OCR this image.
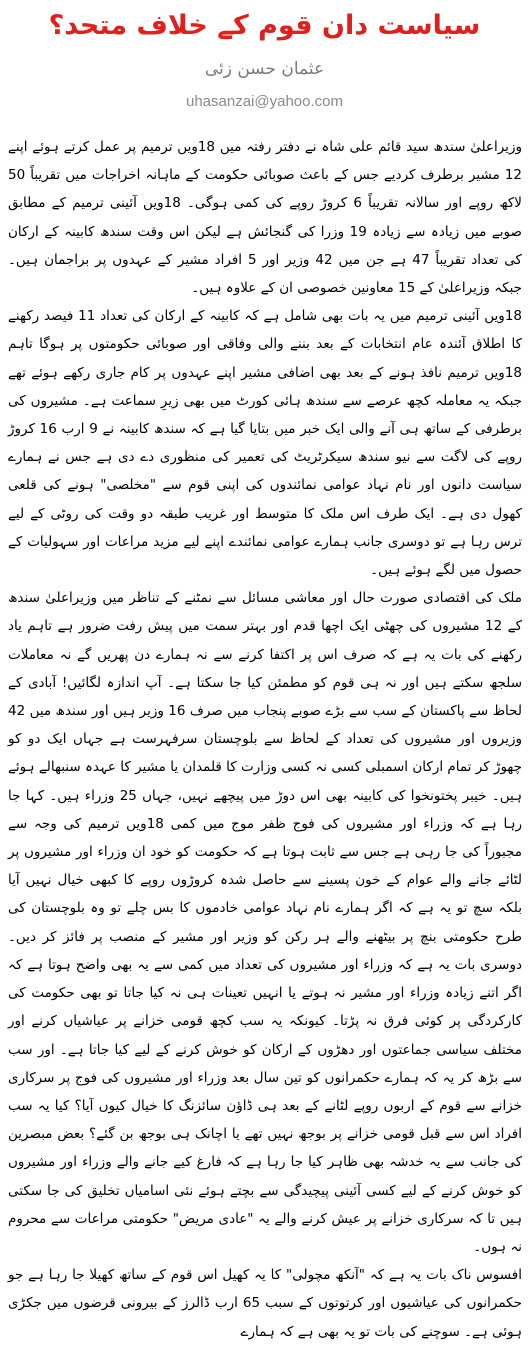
سیاست دان قوم کے خلاف متحد؟
عثمان حسن زئی
uhasanzai@yahoo.com

وزیراعلیٰ سندھ سید قائم علی شاہ نے دفتر رفتہ میں 18ویں ترمیم پر عمل کرتے ہوئے اپنے 12 مشیر برطرف کردیے جس کے باعث صوبائی حکومت کے ماہانہ اخراجات میں تقریباً 50 لاکھ روپے اور سالانہ تقریباً 6 کروڑ روپے کی کمی ہوگی۔ 18ویں آئینی ترمیم کے مطابق صوبے میں زیادہ سے زیادہ 19 وزرا کی گنجائش ہے لیکن اس وقت سندھ کابینہ کے ارکان کی تعداد تقریباً 47 ہے جن میں 42 وزیر اور 5 افراد مشیر کے عہدوں پر براجمان ہیں۔ جبکہ وزیراعلیٰ کے 15 معاونین خصوصی ان کے علاوہ ہیں۔

18ویں آئینی ترمیم میں یہ بات بھی شامل ہے کہ کابینہ کے ارکان کی تعداد 11 فیصد رکھنے کا اطلاق آئندہ عام انتخابات کے بعد بننے والی وفاقی اور صوبائی حکومتوں پر ہوگا تاہم 18ویں ترمیم نافذ ہونے کے بعد بھی اضافی مشیر اپنے عہدوں پر کام جاری رکھے ہوئے تھے جبکہ یہ معاملہ کچھ عرصے سے سندھ ہائی کورٹ میں بھی زیرِ سماعت ہے۔ مشیروں کی برطرفی کے ساتھ ہی آنے والی ایک خبر میں بتایا گیا ہے کہ سندھ کابینہ نے 9 ارب 16 کروڑ روپے کی لاگت سے نیو سندھ سیکرٹریٹ کی تعمیر کی منظوری دے دی ہے جس نے ہمارے سیاست دانوں اور نام نہاد عوامی نمائندوں کی اپنی قوم سے "مخلصی" ہونے کی قلعی کھول دی ہے۔ ایک طرف اس ملک کا متوسط اور غریب طبقہ دو وقت کی روٹی کے لیے ترس رہا ہے تو دوسری جانب ہمارے عوامی نمائندے اپنے لیے مزید مراعات اور سہولیات کے حصول میں لگے ہوئے ہیں۔

ملک کی اقتصادی صورت حال اور معاشی مسائل سے نمٹنے کے تناظر میں وزیراعلیٰ سندھ کے 12 مشیروں کی چھٹی ایک اچھا قدم اور بہتر سمت میں پیش رفت ضرور ہے تاہم یاد رکھنے کی بات یہ ہے کہ صرف اس پر اکتفا کرنے سے نہ ہمارے دن پھریں گے نہ معاملات سلجھ سکتے ہیں اور نہ ہی قوم کو مطمئن کیا جا سکتا ہے۔ آپ اندازہ لگائیں! آبادی کے لحاظ سے پاکستان کے سب سے بڑے صوبے پنجاب میں صرف 16 وزیر ہیں اور سندھ میں 42 وزیروں اور مشیروں کی تعداد کے لحاظ سے بلوچستان سرفہرست ہے جہاں ایک دو کو چھوڑ کر تمام ارکان اسمبلی کسی نہ کسی وزارت کا قلمدان یا مشیر کا عہدہ سنبھالے ہوئے ہیں۔ خیبر پختونخوا کی کابینہ بھی اس دوڑ میں پیچھے نہیں، جہاں 25 وزراء ہیں۔ کہا جا رہا ہے کہ وزراء اور مشیروں کی فوج ظفر موج میں کمی 18ویں ترمیم کی وجہ سے مجبوراً کی جا رہی ہے جس سے ثابت ہوتا ہے کہ حکومت کو خود ان وزراء اور مشیروں پر لٹائے جانے والے عوام کے خون پسینے سے حاصل شدہ کروڑوں روپے کا کبھی خیال نہیں آیا بلکہ سچ تو یہ ہے کہ اگر ہمارے نام نہاد عوامی خادموں کا بس چلے تو وہ بلوچستان کی طرح حکومتی بنچ پر بیٹھنے والے ہر رکن کو وزیر اور مشیر کے منصب پر فائز کر دیں۔ دوسری بات یہ ہے کہ وزراء اور مشیروں کی تعداد میں کمی سے یہ بھی واضح ہوتا ہے کہ اگر اتنے زیادہ وزراء اور مشیر نہ ہوتے یا انہیں تعینات ہی نہ کیا جاتا تو بھی حکومت کی کارکردگی پر کوئی فرق نہ پڑتا۔ کیونکہ یہ سب کچھ قومی خزانے پر عیاشیاں کرنے اور مختلف سیاسی جماعتوں اور دھڑوں کے ارکان کو خوش کرنے کے لیے کیا جاتا ہے۔ اور سب سے بڑھ کر یہ کہ ہمارے حکمرانوں کو تین سال بعد وزراء اور مشیروں کی فوج پر سرکاری خزانے سے قوم کے اربوں روپے لٹانے کے بعد ہی ڈاؤن سائزنگ کا خیال کیوں آیا؟ کیا یہ سب افراد اس سے قبل قومی خزانے پر بوجھ نہیں تھے یا اچانک ہی بوجھ بن گئے؟ بعض مبصرین کی جانب سے یہ خدشہ بھی ظاہر کیا جا رہا ہے کہ فارغ کیے جانے والے وزراء اور مشیروں کو خوش کرنے کے لیے کسی آئینی پیچیدگی سے بچتے ہوئے نئی اسامیاں تخلیق کی جا سکتی ہیں تا کہ سرکاری خزانے پر عیش کرنے والے یہ "عادی مریض" حکومتی مراعات سے محروم نہ ہوں۔

افسوس ناک بات یہ ہے کہ "آنکھ مچولی" کا یہ کھیل اس قوم کے ساتھ کھیلا جا رہا ہے جو حکمرانوں کی عیاشیوں اور کرتوتوں کے سبب 65 ارب ڈالرز کے بیرونی قرضوں میں جکڑی ہوئی ہے۔ سوچنے کی بات تو یہ بھی ہے کہ ہمارے
